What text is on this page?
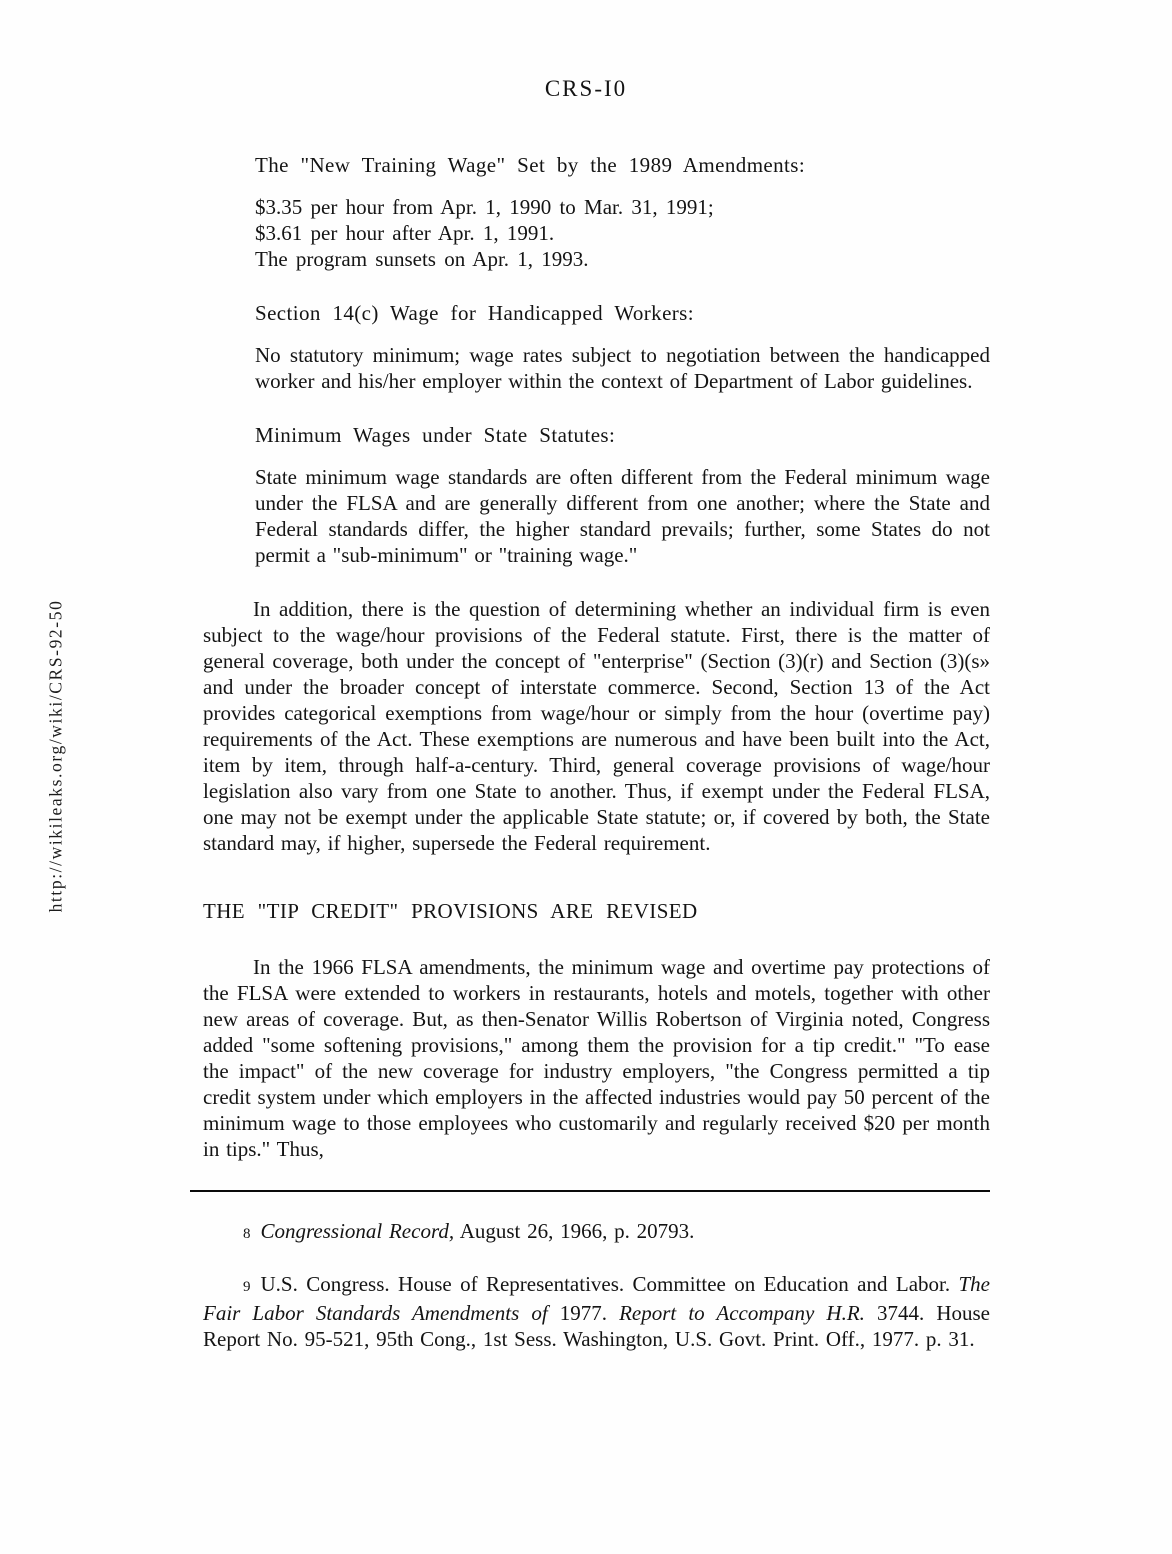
http://wikileaks.org/wiki/CRS-92-50
CRS-I0

The "New Training Wage" Set by the 1989 Amendments:

$3.35 per hour from Apr. 1, 1990 to Mar. 31, 1991;

$3.61 per hour after Apr. 1, 1991.

The program sunsets on Apr. 1, 1993.

Section 14(c) Wage for Handicapped Workers:

No statutory minimum; wage rates subject to negotiation between the handicapped worker and his/her employer within the context of Department of Labor guidelines.

Minimum Wages under State Statutes:

State minimum wage standards are often different from the Federal minimum wage under the FLSA and are generally different from one another; where the State and Federal standards differ, the higher standard prevails; further, some States do not permit a "sub-minimum" or "training wage."

In addition, there is the question of determining whether an individual firm is even subject to the wage/hour provisions of the Federal statute. First, there is the matter of general coverage, both under the concept of "enterprise" (Section (3)(r) and Section (3)(s» and under the broader concept of interstate commerce. Second, Section 13 of the Act provides categorical exemptions from wage/hour or simply from the hour (overtime pay) requirements of the Act. These exemptions are numerous and have been built into the Act, item by item, through half-a-century. Third, general coverage provisions of wage/hour legislation also vary from one State to another. Thus, if exempt under the Federal FLSA, one may not be exempt under the applicable State statute; or, if covered by both, the State standard may, if higher, supersede the Federal requirement.

THE "TIP CREDIT" PROVISIONS ARE REVISED

In the 1966 FLSA amendments, the minimum wage and overtime pay protections of the FLSA were extended to workers in restaurants, hotels and motels, together with other new areas of coverage. But, as then-Senator Willis Robertson of Virginia noted, Congress added "some softening provisions," among them the provision for a tip credit." "To ease the impact" of the new coverage for industry employers, "the Congress permitted a tip credit system under which employers in the affected industries would pay 50 percent of the minimum wage to those employees who customarily and regularly received $20 per month in tips." Thus,

8 Congressional Record, August 26, 1966, p. 20793.

9 U.S. Congress. House of Representatives. Committee on Education and Labor. The Fair Labor Standards Amendments of 1977. Report to Accompany H.R. 3744. House Report No. 95-521, 95th Cong., 1st Sess. Washington, U.S. Govt. Print. Off., 1977. p. 31.
